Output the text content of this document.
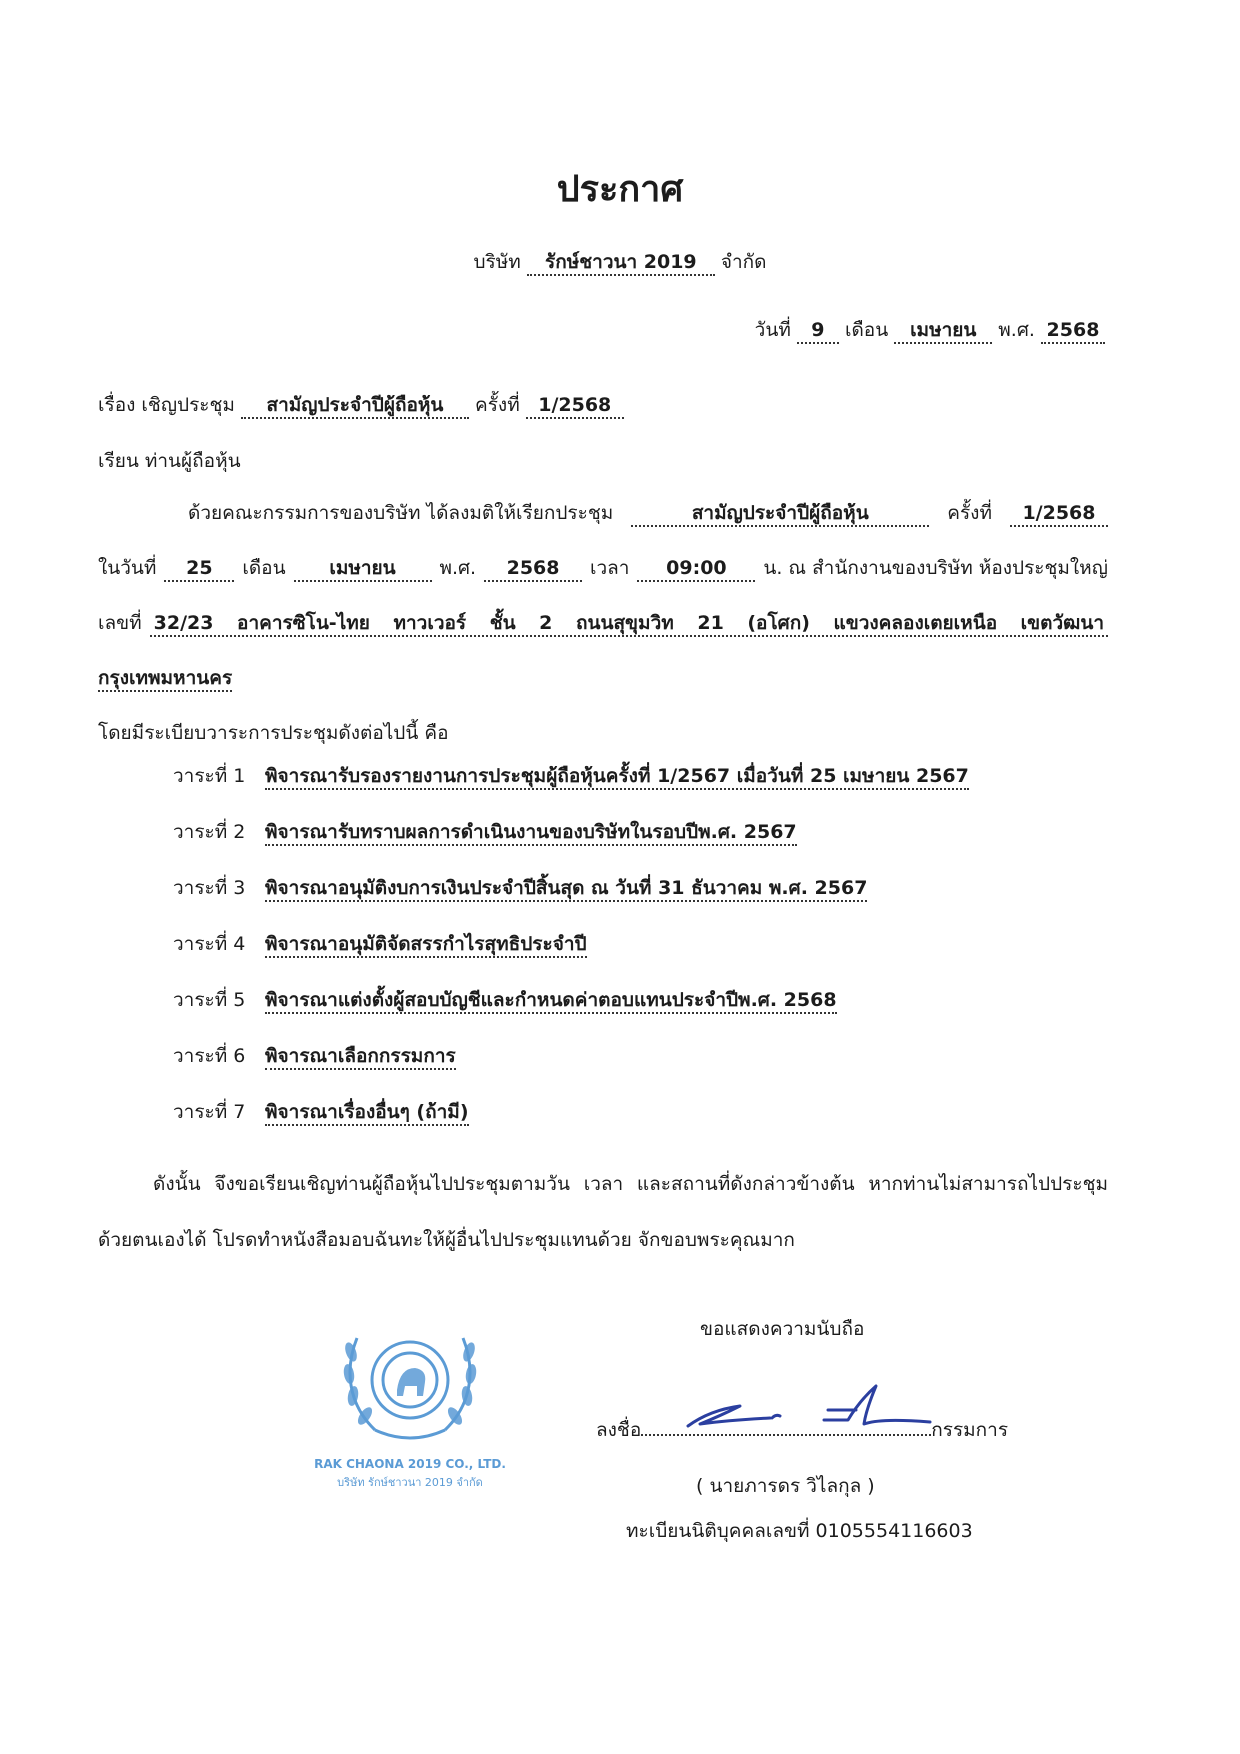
ประกาศ
บริษัท รักษ์ชาวนา 2019 จำกัด
วันที่ 9 เดือน เมษายน พ.ศ. 2568
เรื่อง เชิญประชุม สามัญประจำปีผู้ถือหุ้น ครั้งที่ 1/2568
เรียน ท่านผู้ถือหุ้น
ด้วยคณะกรรมการของบริษัท ได้ลงมติให้เรียกประชุม	สามัญประจำปีผู้ถือหุ้น	ครั้งที่	1/2568
ในวันที่	25	เดือน	เมษายน	พ.ศ.	2568	เวลา	09:00	น. ณ สำนักงานของบริษัท ห้องประชุมใหญ่
เลขที่ 32/23 อาคารซิโน-ไทย ทาวเวอร์ ชั้น 2 ถนนสุขุมวิท 21 (อโศก) แขวงคลองเตยเหนือ เขตวัฒนา
กรุงเทพมหานคร
โดยมีระเบียบวาระการประชุมดังต่อไปนี้ คือ
วาระที่ 1 พิจารณารับรองรายงานการประชุมผู้ถือหุ้นครั้งที่ 1/2567 เมื่อวันที่ 25 เมษายน 2567
วาระที่ 2 พิจารณารับทราบผลการดำเนินงานของบริษัทในรอบปีพ.ศ. 2567
วาระที่ 3 พิจารณาอนุมัติงบการเงินประจำปีสิ้นสุด ณ วันที่ 31 ธันวาคม พ.ศ. 2567
วาระที่ 4 พิจารณาอนุมัติจัดสรรกำไรสุทธิประจำปี
วาระที่ 5 พิจารณาแต่งตั้งผู้สอบบัญชีและกำหนดค่าตอบแทนประจำปีพ.ศ. 2568
วาระที่ 6 พิจารณาเลือกกรรมการ
วาระที่ 7 พิจารณาเรื่องอื่นๆ (ถ้ามี)
ดังนั้น จึงขอเรียนเชิญท่านผู้ถือหุ้นไปประชุมตามวัน เวลา และสถานที่ดังกล่าวข้างต้น หากท่านไม่สามารถไปประชุม
ด้วยตนเองได้ โปรดทำหนังสือมอบฉันทะให้ผู้อื่นไปประชุมแทนด้วย จักขอบพระคุณมาก
ขอแสดงความนับถือ
RAK CHAONA 2019 CO., LTD.
บริษัท รักษ์ชาวนา 2019 จำกัด
ลงชื่อ	กรรมการ
( นายภารดร วิไลกุล )
ทะเบียนนิติบุคคลเลขที่ 0105554116603
